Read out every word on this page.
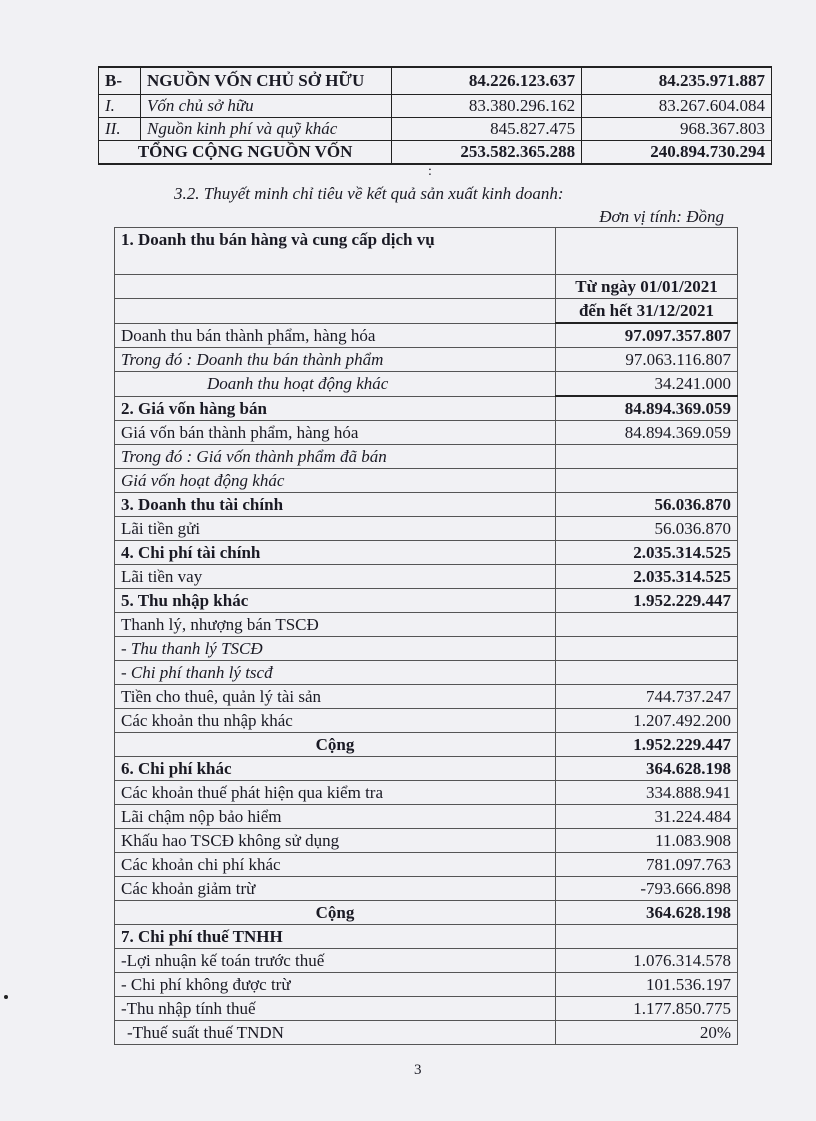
B-	NGUỒN VỐN CHỦ SỞ HỮU	84.226.123.637	84.235.971.887
I.	Vốn chủ sở hữu	83.380.296.162	83.267.604.084
II.	Nguồn kinh phí và quỹ khác	845.827.475	968.367.803
TỔNG CỘNG NGUỒN VỐN		253.582.365.288	240.894.730.294
:
3.2. Thuyết minh chỉ tiêu về kết quả sản xuất kinh doanh:
Đơn vị tính: Đồng
1. Doanh thu bán hàng và cung cấp dịch vụ	
	Từ ngày 01/01/2021
	đến hết 31/12/2021
Doanh thu bán thành phẩm, hàng hóa	97.097.357.807
Trong đó : Doanh thu bán thành phẩm	97.063.116.807
Doanh thu hoạt động khác	34.241.000
2. Giá vốn hàng bán	84.894.369.059
Giá vốn bán thành phẩm, hàng hóa	84.894.369.059
Trong đó : Giá vốn thành phẩm đã bán	
Giá vốn hoạt động khác	
3. Doanh thu tài chính	56.036.870
Lãi tiền gửi	56.036.870
4. Chi phí tài chính	2.035.314.525
Lãi tiền vay	2.035.314.525
5. Thu nhập khác	1.952.229.447
Thanh lý, nhượng bán TSCĐ	
- Thu thanh lý TSCĐ	
- Chi phí thanh lý tscđ	
Tiền cho thuê, quản lý tài sản	744.737.247
Các khoản thu nhập khác	1.207.492.200
Cộng	1.952.229.447
6. Chi phí khác	364.628.198
Các khoản thuế phát hiện qua kiểm tra	334.888.941
Lãi chậm nộp bảo hiểm	31.224.484
Khấu hao TSCĐ không sử dụng	11.083.908
Các khoản chi phí khác	781.097.763
Các khoản giảm trừ	-793.666.898
Cộng	364.628.198
7. Chi phí thuế TNHH	
-Lợi nhuận kế toán trước thuế	1.076.314.578
- Chi phí không được trừ	101.536.197
-Thu nhập tính thuế	1.177.850.775
-Thuế suất thuế TNDN	20%
3
